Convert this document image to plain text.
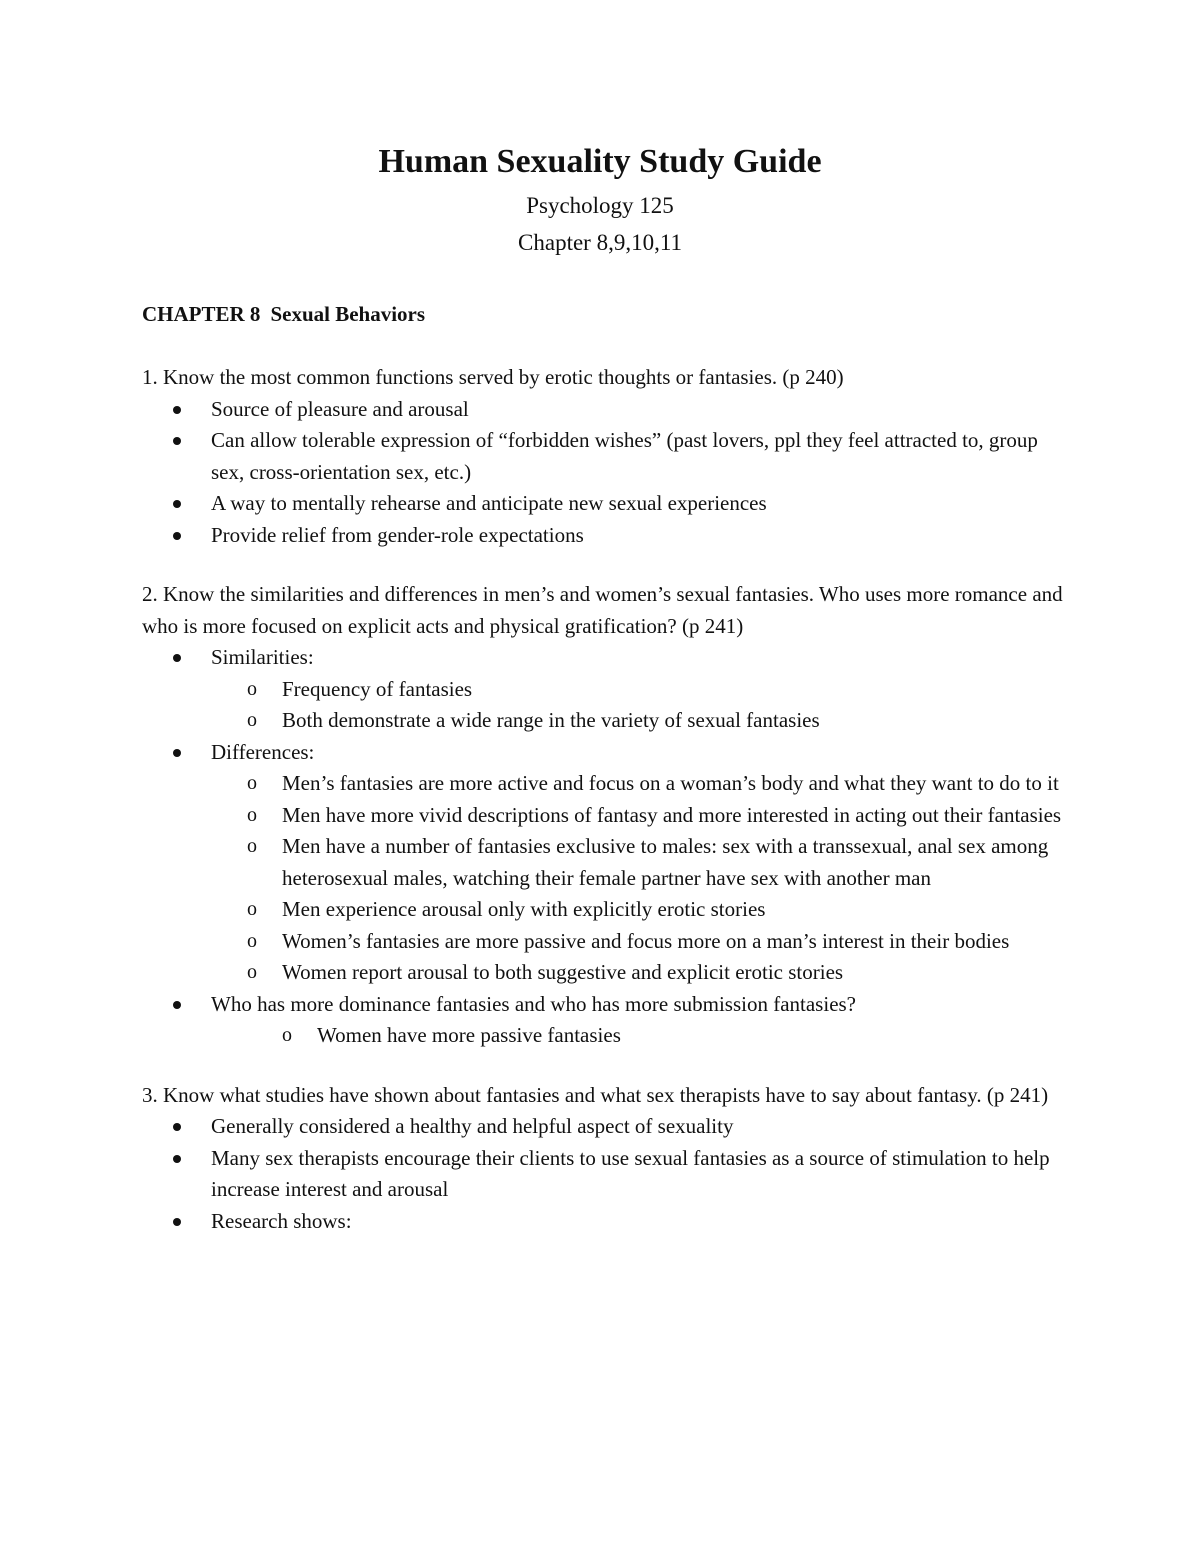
Human Sexuality Study Guide
Psychology 125
Chapter 8,9,10,11
CHAPTER 8 Sexual Behaviors

1. Know the most common functions served by erotic thoughts or fantasies. (p 240)

Source of pleasure and arousal
Can allow tolerable expression of “forbidden wishes” (past lovers, ppl they feel attracted to, group sex, cross-orientation sex, etc.)
A way to mentally rehearse and anticipate new sexual experiences
Provide relief from gender-role expectations

2. Know the similarities and differences in men’s and women’s sexual fantasies. Who uses more romance and who is more focused on explicit acts and physical gratification? (p 241)

Similarities:
o Frequency of fantasies
o Both demonstrate a wide range in the variety of sexual fantasies
Differences:
o Men’s fantasies are more active and focus on a woman’s body and what they want to do to it
o Men have more vivid descriptions of fantasy and more interested in acting out their fantasies
o Men have a number of fantasies exclusive to males: sex with a transsexual, anal sex among heterosexual males, watching their female partner have sex with another man
o Men experience arousal only with explicitly erotic stories
o Women’s fantasies are more passive and focus more on a man’s interest in their bodies
o Women report arousal to both suggestive and explicit erotic stories
Who has more dominance fantasies and who has more submission fantasies?
o Women have more passive fantasies

3. Know what studies have shown about fantasies and what sex therapists have to say about fantasy. (p 241)

Generally considered a healthy and helpful aspect of sexuality
Many sex therapists encourage their clients to use sexual fantasies as a source of stimulation to help increase interest and arousal
Research shows:
